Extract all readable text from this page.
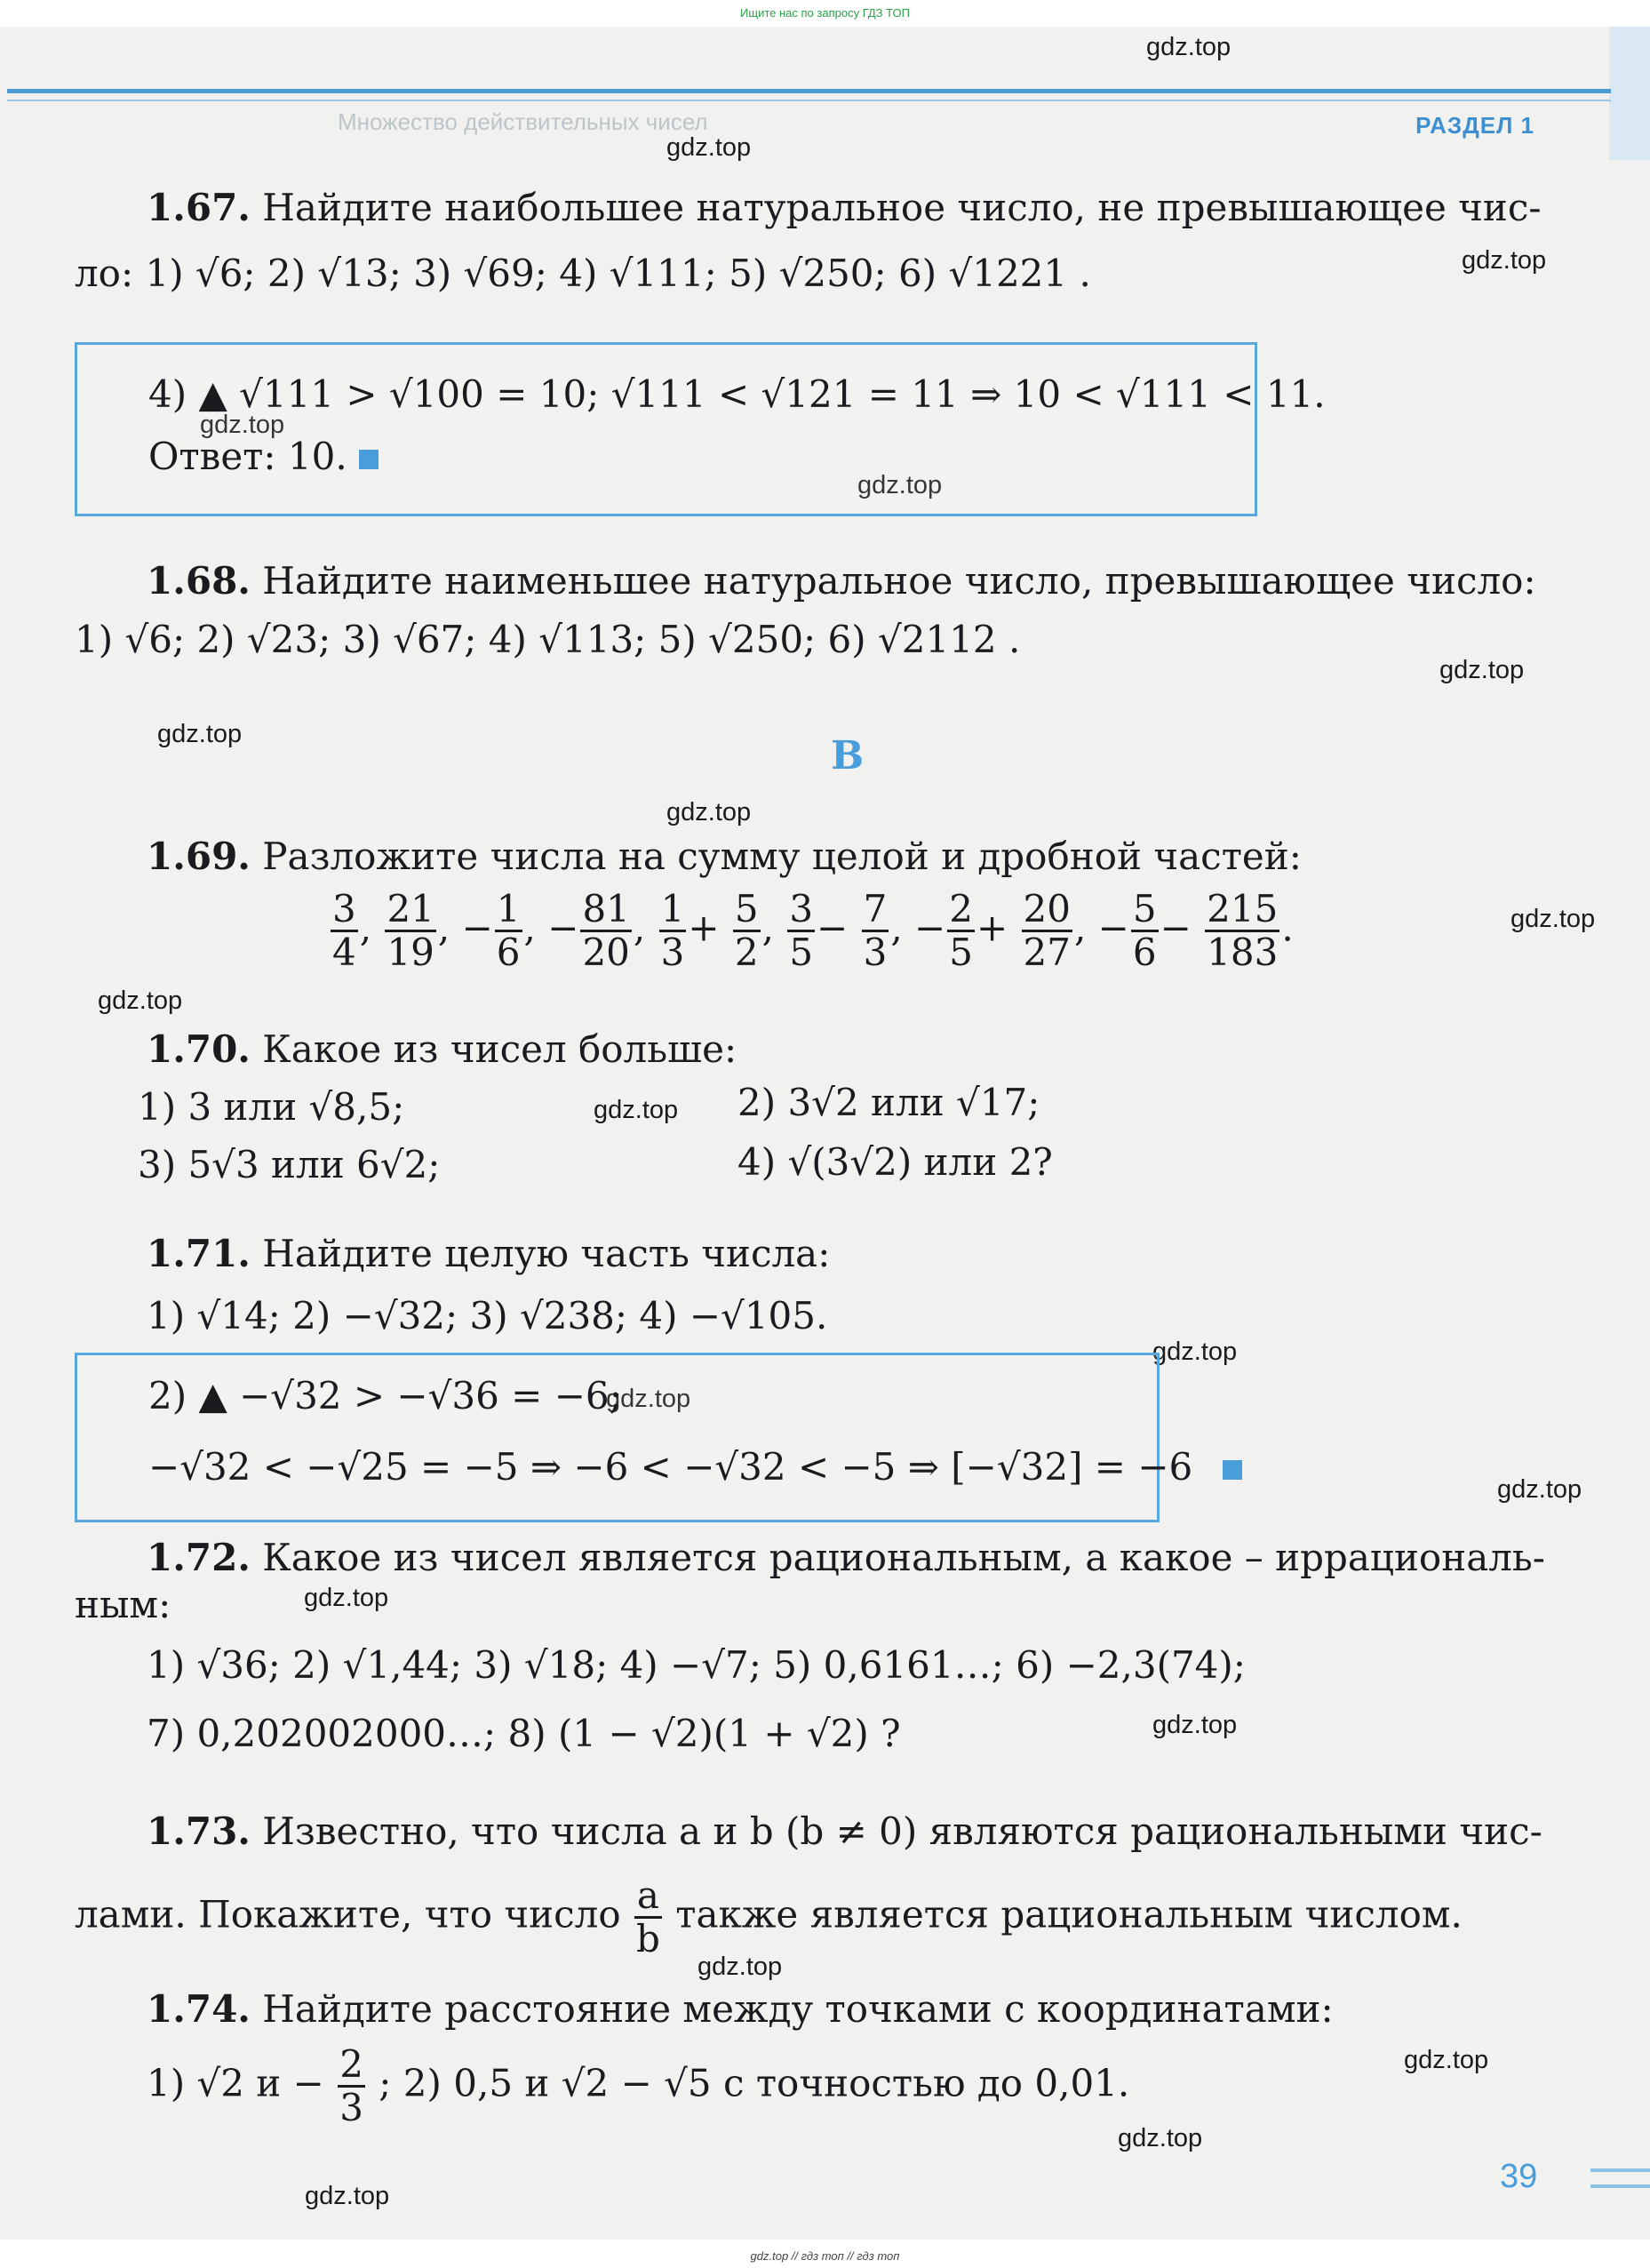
Ищите нас по запросу ГДЗ ТОП
Множество действительных чисел	РАЗДЕЛ 1
gdz.top
gdz.top
gdz.top
gdz.top
gdz.top
gdz.top
gdz.top
gdz.top
gdz.top
gdz.top
gdz.top
gdz.top
gdz.top
gdz.top
gdz.top
gdz.top
gdz.top
gdz.top
gdz.top
gdz.top
1.67. Найдите наибольшее натуральное число, не превышающее чис-
ло: 1) √6; 2) √13; 3) √69; 4) √111; 5) √250; 6) √1221 .
4) ▲ √111 > √100 = 10; √111 < √121 = 11 ⇒ 10 < √111 < 11.
Ответ: 10.
1.68. Найдите наименьшее натуральное число, превышающее число:
1) √6; 2) √23; 3) √67; 4) √113; 5) √250; 6) √2112 .
B
1.69. Разложите числа на сумму целой и дробной частей:
$\frac{3}{4}$ , $\frac{21}{19}$ , − $\frac{1}{6}$ , − $\frac{81}{20}$ , $\frac{1}{3} + \frac{5}{2}$ , $\frac{3}{5} - \frac{7}{3}$ , − $\frac{2}{5} + \frac{20}{27}$ , − $\frac{5}{6} - \frac{215}{183}$ .
1.70. Какое из чисел больше:
1) 3 или √8,5;	2) 3√2 или √17;
3) 5√3 или 6√2;	4) √(3√2) или 2?
1.71. Найдите целую часть числа:
1) √14; 2) −√32; 3) √238; 4) −√105.
2) ▲ −√32 > −√36 = −6;
−√32 < −√25 = −5 ⇒ −6 < −√32 < −5 ⇒ [−√32] = −6
1.72. Какое из чисел является рациональным, а какое – иррациональ-
ным:
1) √36; 2) √1,44; 3) √18; 4) −√7; 5) 0,6161…; 6) −2,3(74);
7) 0,202002000…; 8) (1 − √2)(1 + √2) ?
1.73. Известно, что числа a и b (b ≠ 0) являются рациональными чис-
лами. Покажите, что число $\frac{a}{b}$ также является рациональным числом.
1.74. Найдите расстояние между точками с координатами:
1) √2 $и - \frac{2}{3}$ ; 2) 0,5 и √2 − √5 с точностью до 0,01.
39
gdz.top // гдз топ // гдз топ
